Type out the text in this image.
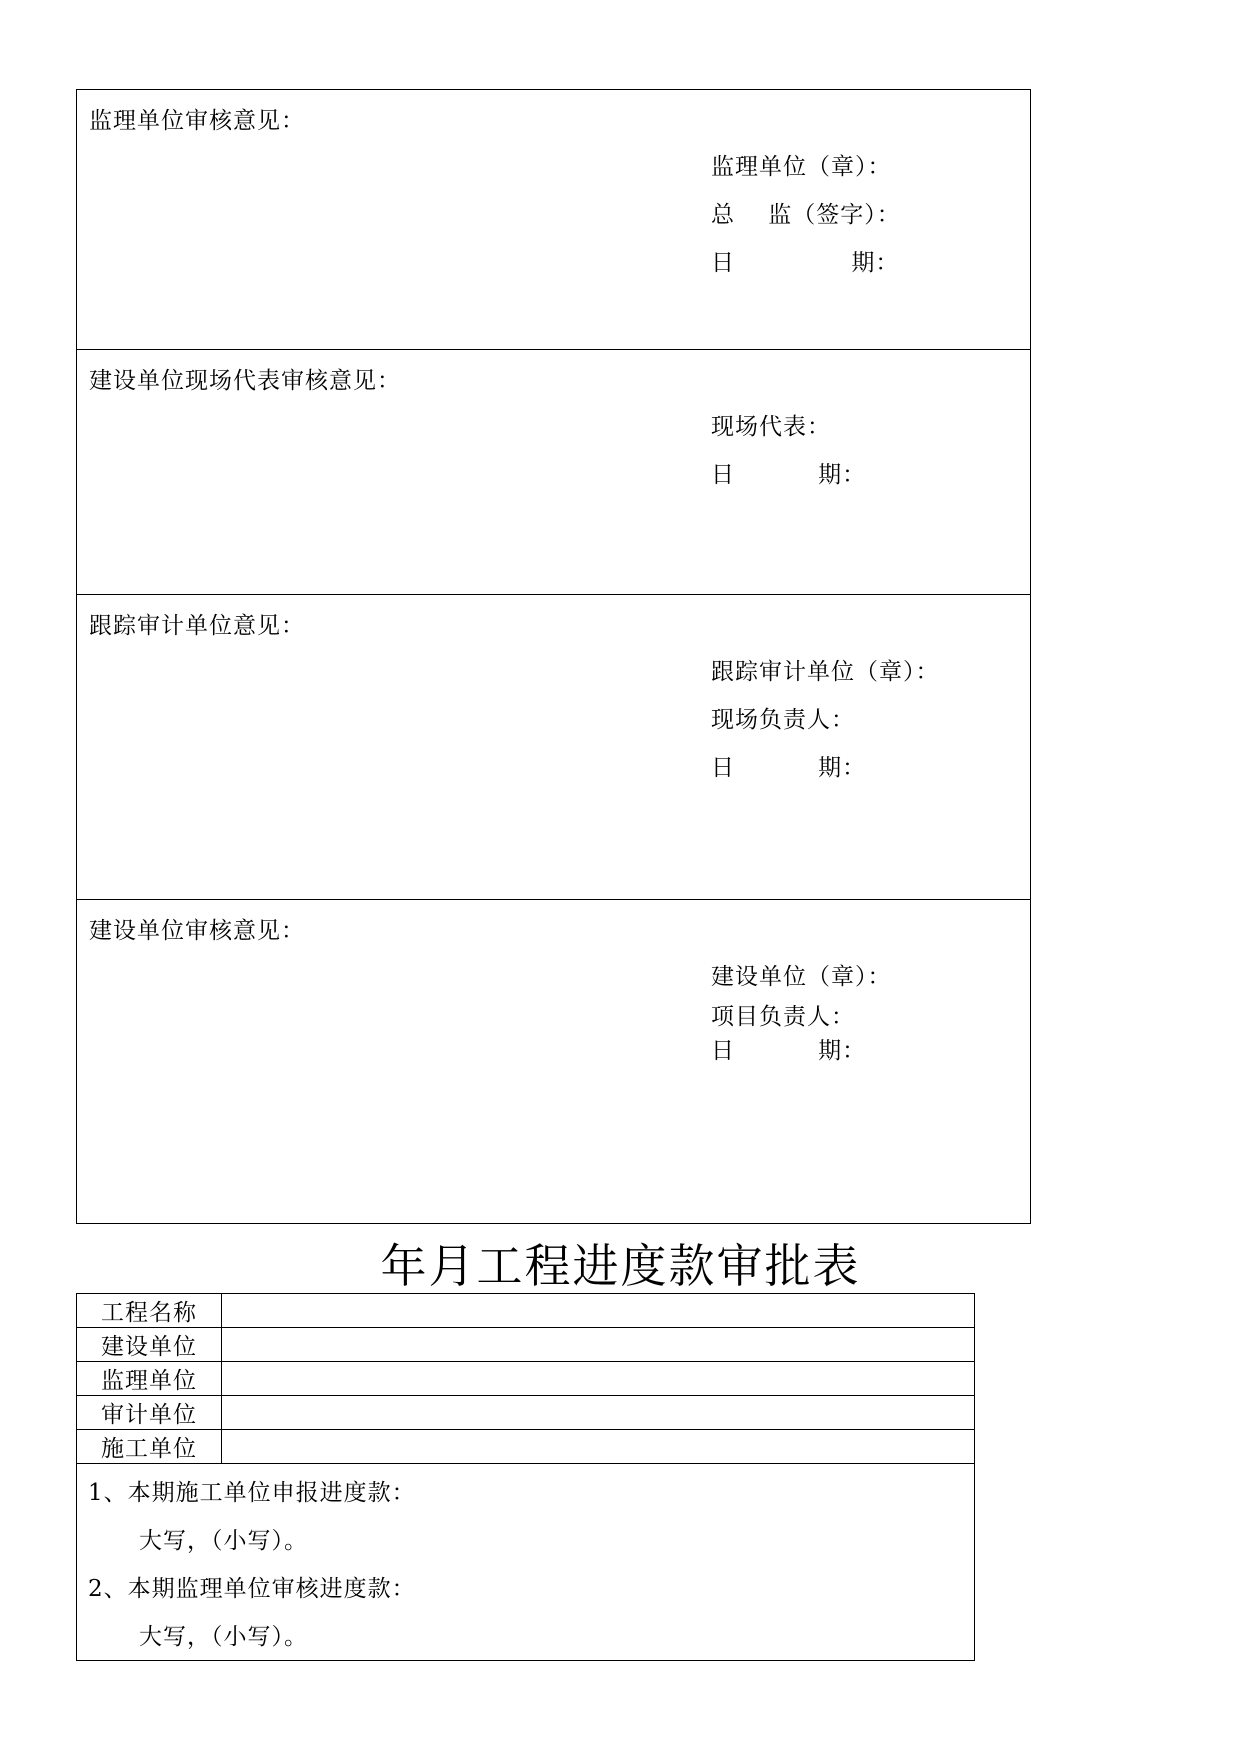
监理单位审核意见：
监理单位（章）：
总    监（签字）：
日              期：
建设单位现场代表审核意见：
现场代表：
日          期：
跟踪审计单位意见：
跟踪审计单位（章）：
现场负责人：
日          期：
建设单位审核意见：
建设单位（章）：
项目负责人：
日          期：
年月工程进度款审批表
工程名称	
建设单位	
监理单位	
审计单位	
施工单位	

1、本期施工单位申报进度款：
大写，（小写）。
2、本期监理单位审核进度款：
大写，（小写）。	
